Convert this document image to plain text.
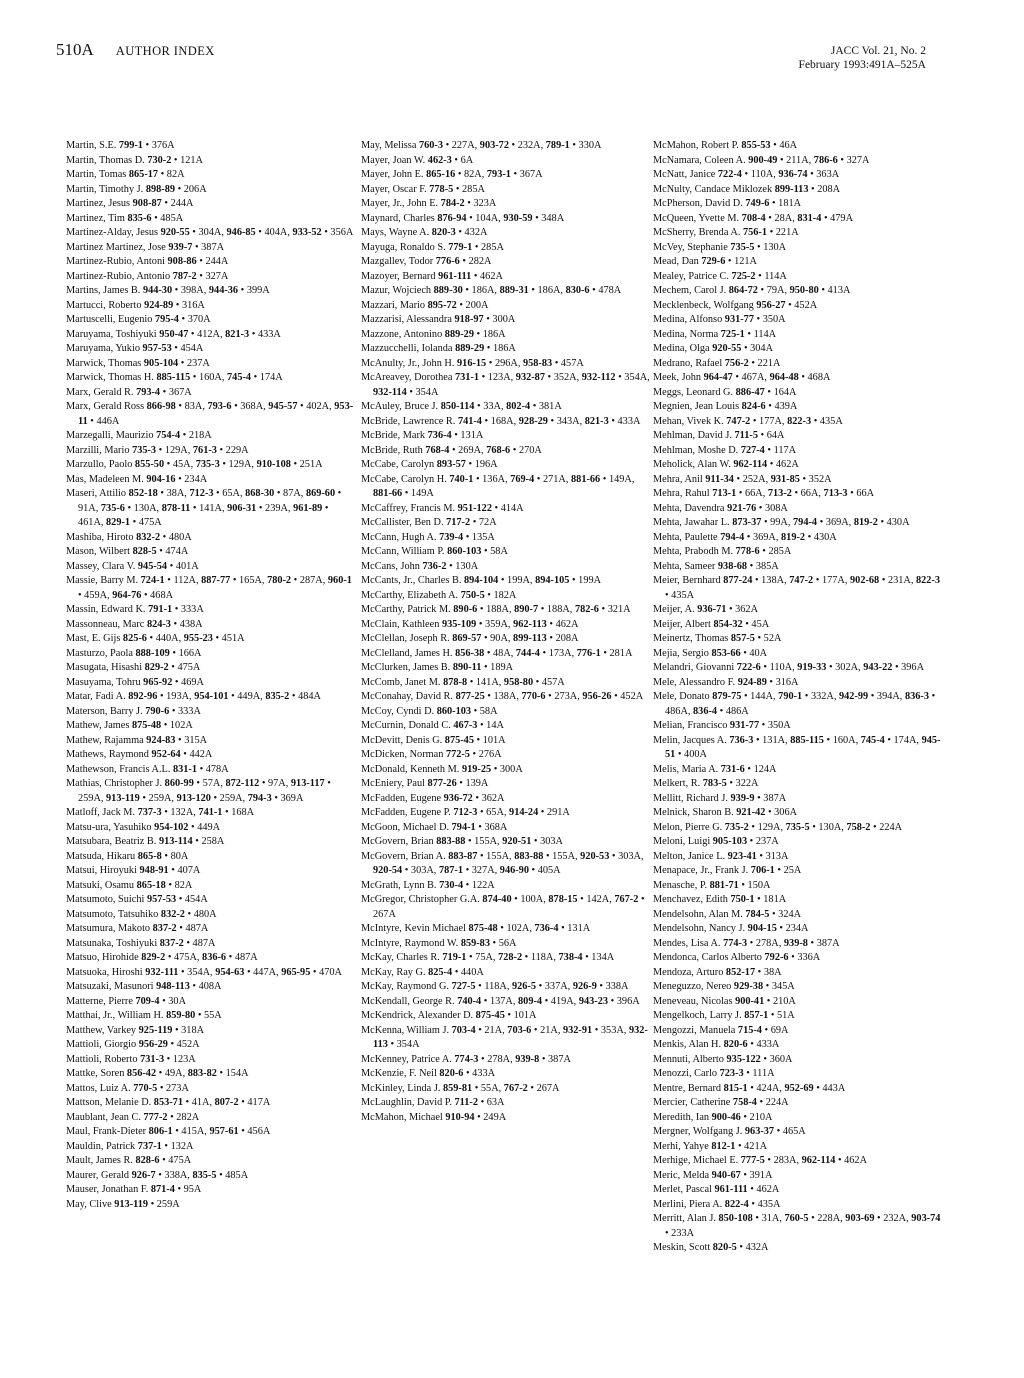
510A AUTHOR INDEX	JACC Vol. 21, No. 2
February 1993:491A–525A
Martin, S.E. 799-1 • 376A
Martin, Thomas D. 730-2 • 121A
Martin, Tomas 865-17 • 82A
Martin, Timothy J. 898-89 • 206A
Martinez, Jesus 908-87 • 244A
Martinez, Tim 835-6 • 485A
Martinez-Alday, Jesus 920-55 • 304A, 946-85 • 404A, 933-52 • 356A
Martinez Martinez, Jose 939-7 • 387A
Martinez-Rubio, Antoni 908-86 • 244A
Martinez-Rubio, Antonio 787-2 • 327A
Martins, James B. 944-30 • 398A, 944-36 • 399A
Martucci, Roberto 924-89 • 316A
Martuscelli, Eugenio 795-4 • 370A
Maruyama, Toshiyuki 950-47 • 412A, 821-3 • 433A
Maruyama, Yukio 957-53 • 454A
Marwick, Thomas 905-104 • 237A
Marwick, Thomas H. 885-115 • 160A, 745-4 • 174A
Marx, Gerald R. 793-4 • 367A
Marx, Gerald Ross 866-98 • 83A, 793-6 • 368A, 945-57 • 402A, 953-11 • 446A
Marzegalli, Maurizio 754-4 • 218A
Marzilli, Mario 735-3 • 129A, 761-3 • 229A
Marzullo, Paolo 855-50 • 45A, 735-3 • 129A, 910-108 • 251A
Mas, Madeleen M. 904-16 • 234A
Maseri, Attilio 852-18 • 38A, 712-3 • 65A, 868-30 • 87A, 869-60 • 91A, 735-6 • 130A, 878-11 • 141A, 906-31 • 239A, 961-89 • 461A, 829-1 • 475A
Mashiba, Hiroto 832-2 • 480A
Mason, Wilbert 828-5 • 474A
Massey, Clara V. 945-54 • 401A
Massie, Barry M. 724-1 • 112A, 887-77 • 165A, 780-2 • 287A, 960-1 • 459A, 964-76 • 468A
Massin, Edward K. 791-1 • 333A
Massonneau, Marc 824-3 • 438A
Mast, E. Gijs 825-6 • 440A, 955-23 • 451A
Masturzo, Paola 888-109 • 166A
Masugata, Hisashi 829-2 • 475A
Masuyama, Tohru 965-92 • 469A
Matar, Fadi A. 892-96 • 193A, 954-101 • 449A, 835-2 • 484A
Materson, Barry J. 790-6 • 333A
Mathew, James 875-48 • 102A
Mathew, Rajamma 924-83 • 315A
Mathews, Raymond 952-64 • 442A
Mathewson, Francis A.L. 831-1 • 478A
Mathias, Christopher J. 860-99 • 57A, 872-112 • 97A, 913-117 • 259A, 913-119 • 259A, 913-120 • 259A, 794-3 • 369A
Matloff, Jack M. 737-3 • 132A, 741-1 • 168A
Matsu-ura, Yasuhiko 954-102 • 449A
Matsubara, Beatriz B. 913-114 • 258A
Matsuda, Hikaru 865-8 • 80A
Matsui, Hiroyuki 948-91 • 407A
Matsuki, Osamu 865-18 • 82A
Matsumoto, Suichi 957-53 • 454A
Matsumoto, Tatsuhiko 832-2 • 480A
Matsumura, Makoto 837-2 • 487A
Matsunaka, Toshiyuki 837-2 • 487A
Matsuo, Hirohide 829-2 • 475A, 836-6 • 487A
Matsuoka, Hiroshi 932-111 • 354A, 954-63 • 447A, 965-95 • 470A
Matsuzaki, Masunori 948-113 • 408A
Matterne, Pierre 709-4 • 30A
Matthai, Jr., William H. 859-80 • 55A
Matthew, Varkey 925-119 • 318A
Mattioli, Giorgio 956-29 • 452A
Mattioli, Roberto 731-3 • 123A
Mattke, Soren 856-42 • 49A, 883-82 • 154A
Mattos, Luiz A. 770-5 • 273A
Mattson, Melanie D. 853-71 • 41A, 807-2 • 417A
Maublant, Jean C. 777-2 • 282A
Maul, Frank-Dieter 806-1 • 415A, 957-61 • 456A
Mauldin, Patrick 737-1 • 132A
Mault, James R. 828-6 • 475A
Maurer, Gerald 926-7 • 338A, 835-5 • 485A
Mauser, Jonathan F. 871-4 • 95A
May, Clive 913-119 • 259A
May, Melissa 760-3 • 227A, 903-72 • 232A, 789-1 • 330A
Mayer, Joan W. 462-3 • 6A
Mayer, John E. 865-16 • 82A, 793-1 • 367A
Mayer, Oscar F. 778-5 • 285A
Mayer, Jr., John E. 784-2 • 323A
Maynard, Charles 876-94 • 104A, 930-59 • 348A
Mays, Wayne A. 820-3 • 432A
Mayuga, Ronaldo S. 779-1 • 285A
Mazgallev, Todor 776-6 • 282A
Mazoyer, Bernard 961-111 • 462A
Mazur, Wojciech 889-30 • 186A, 889-31 • 186A, 830-6 • 478A
Mazzari, Mario 895-72 • 200A
Mazzarisi, Alessandra 918-97 • 300A
Mazzone, Antonino 889-29 • 186A
Mazzucchelli, Iolanda 889-29 • 186A
McAnulty, Jr., John H. 916-15 • 296A, 958-83 • 457A
McAreavey, Dorothea 731-1 • 123A, 932-87 • 352A, 932-112 • 354A, 932-114 • 354A
McAuley, Bruce J. 850-114 • 33A, 802-4 • 381A
McBride, Lawrence R. 741-4 • 168A, 928-29 • 343A, 821-3 • 433A
McBride, Mark 736-4 • 131A
McBride, Ruth 768-4 • 269A, 768-6 • 270A
McCabe, Carolyn 893-57 • 196A
McCabe, Carolyn H. 740-1 • 136A, 769-4 • 271A, 881-66 • 149A, 881-66 • 149A
McCaffrey, Francis M. 951-122 • 414A
McCallister, Ben D. 717-2 • 72A
McCann, Hugh A. 739-4 • 135A
McCann, William P. 860-103 • 58A
McCans, John 736-2 • 130A
McCants, Jr., Charles B. 894-104 • 199A, 894-105 • 199A
McCarthy, Elizabeth A. 750-5 • 182A
McCarthy, Patrick M. 890-6 • 188A, 890-7 • 188A, 782-6 • 321A
McClain, Kathleen 935-109 • 359A, 962-113 • 462A
McClellan, Joseph R. 869-57 • 90A, 899-113 • 208A
McClelland, James H. 856-38 • 48A, 744-4 • 173A, 776-1 • 281A
McClurken, James B. 890-11 • 189A
McComb, Janet M. 878-8 • 141A, 958-80 • 457A
McConahay, David R. 877-25 • 138A, 770-6 • 273A, 956-26 • 452A
McCoy, Cyndi D. 860-103 • 58A
McCurnin, Donald C. 467-3 • 14A
McDevitt, Denis G. 875-45 • 101A
McDicken, Norman 772-5 • 276A
McDonald, Kenneth M. 919-25 • 300A
McEniery, Paul 877-26 • 139A
McFadden, Eugene 936-72 • 362A
McFadden, Eugene P. 712-3 • 65A, 914-24 • 291A
McGoon, Michael D. 794-1 • 368A
McGovern, Brian 883-88 • 155A, 920-51 • 303A
McGovern, Brian A. 883-87 • 155A, 883-88 • 155A, 920-53 • 303A, 920-54 • 303A, 787-1 • 327A, 946-90 • 405A
McGrath, Lynn B. 730-4 • 122A
McGregor, Christopher G.A. 874-40 • 100A, 878-15 • 142A, 767-2 • 267A
McIntyre, Kevin Michael 875-48 • 102A, 736-4 • 131A
McIntyre, Raymond W. 859-83 • 56A
McKay, Charles R. 719-1 • 75A, 728-2 • 118A, 738-4 • 134A
McKay, Ray G. 825-4 • 440A
McKay, Raymond G. 727-5 • 118A, 926-5 • 337A, 926-9 • 338A
McKendall, George R. 740-4 • 137A, 809-4 • 419A, 943-23 • 396A
McKendrick, Alexander D. 875-45 • 101A
McKenna, William J. 703-4 • 21A, 703-6 • 21A, 932-91 • 353A, 932-113 • 354A
McKenney, Patrice A. 774-3 • 278A, 939-8 • 387A
McKenzie, F. Neil 820-6 • 433A
McKinley, Linda J. 859-81 • 55A, 767-2 • 267A
McLaughlin, David P. 711-2 • 63A
McMahon, Michael 910-94 • 249A
McMahon, Robert P. 855-53 • 46A
McNamara, Coleen A. 900-49 • 211A, 786-6 • 327A
McNatt, Janice 722-4 • 110A, 936-74 • 363A
McNulty, Candace Miklozek 899-113 • 208A
McPherson, David D. 749-6 • 181A
McQueen, Yvette M. 708-4 • 28A, 831-4 • 479A
McSherry, Brenda A. 756-1 • 221A
McVey, Stephanie 735-5 • 130A
Mead, Dan 729-6 • 121A
Mealey, Patrice C. 725-2 • 114A
Mechem, Carol J. 864-72 • 79A, 950-80 • 413A
Mecklenbeck, Wolfgang 956-27 • 452A
Medina, Alfonso 931-77 • 350A
Medina, Norma 725-1 • 114A
Medina, Olga 920-55 • 304A
Medrano, Rafael 756-2 • 221A
Meek, John 964-47 • 467A, 964-48 • 468A
Meggs, Leonard G. 886-47 • 164A
Megnien, Jean Louis 824-6 • 439A
Mehan, Vivek K. 747-2 • 177A, 822-3 • 435A
Mehlman, David J. 711-5 • 64A
Mehlman, Moshe D. 727-4 • 117A
Meholick, Alan W. 962-114 • 462A
Mehra, Anil 911-34 • 252A, 931-85 • 352A
Mehra, Rahul 713-1 • 66A, 713-2 • 66A, 713-3 • 66A
Mehta, Davendra 921-76 • 308A
Mehta, Jawahar L. 873-37 • 99A, 794-4 • 369A, 819-2 • 430A
Mehta, Paulette 794-4 • 369A, 819-2 • 430A
Mehta, Prabodh M. 778-6 • 285A
Mehta, Sameer 938-68 • 385A
Meier, Bernhard 877-24 • 138A, 747-2 • 177A, 902-68 • 231A, 822-3 • 435A
Meijer, A. 936-71 • 362A
Meijer, Albert 854-32 • 45A
Meinertz, Thomas 857-5 • 52A
Mejia, Sergio 853-66 • 40A
Melandri, Giovanni 722-6 • 110A, 919-33 • 302A, 943-22 • 396A
Mele, Alessandro F. 924-89 • 316A
Mele, Donato 879-75 • 144A, 790-1 • 332A, 942-99 • 394A, 836-3 • 486A, 836-4 • 486A
Melian, Francisco 931-77 • 350A
Melin, Jacques A. 736-3 • 131A, 885-115 • 160A, 745-4 • 174A, 945-51 • 400A
Melis, Maria A. 731-6 • 124A
Melkert, R. 783-5 • 322A
Mellitt, Richard J. 939-9 • 387A
Melnick, Sharon B. 921-42 • 306A
Melon, Pierre G. 735-2 • 129A, 735-5 • 130A, 758-2 • 224A
Meloni, Luigi 905-103 • 237A
Melton, Janice L. 923-41 • 313A
Menapace, Jr., Frank J. 706-1 • 25A
Menasche, P. 881-71 • 150A
Menchavez, Edith 750-1 • 181A
Mendelsohn, Alan M. 784-5 • 324A
Mendelsohn, Nancy J. 904-15 • 234A
Mendes, Lisa A. 774-3 • 278A, 939-8 • 387A
Mendonca, Carlos Alberto 792-6 • 336A
Mendoza, Arturo 852-17 • 38A
Meneguzzo, Nereo 929-38 • 345A
Meneveau, Nicolas 900-41 • 210A
Mengelkoch, Larry J. 857-1 • 51A
Mengozzi, Manuela 715-4 • 69A
Menkis, Alan H. 820-6 • 433A
Mennuti, Alberto 935-122 • 360A
Menozzi, Carlo 723-3 • 111A
Mentre, Bernard 815-1 • 424A, 952-69 • 443A
Mercier, Catherine 758-4 • 224A
Meredith, Ian 900-46 • 210A
Mergner, Wolfgang J. 963-37 • 465A
Merhi, Yahye 812-1 • 421A
Merhige, Michael E. 777-5 • 283A, 962-114 • 462A
Meric, Melda 940-67 • 391A
Merlet, Pascal 961-111 • 462A
Merlini, Piera A. 822-4 • 435A
Merritt, Alan J. 850-108 • 31A, 760-5 • 228A, 903-69 • 232A, 903-74 • 233A
Meskin, Scott 820-5 • 432A
